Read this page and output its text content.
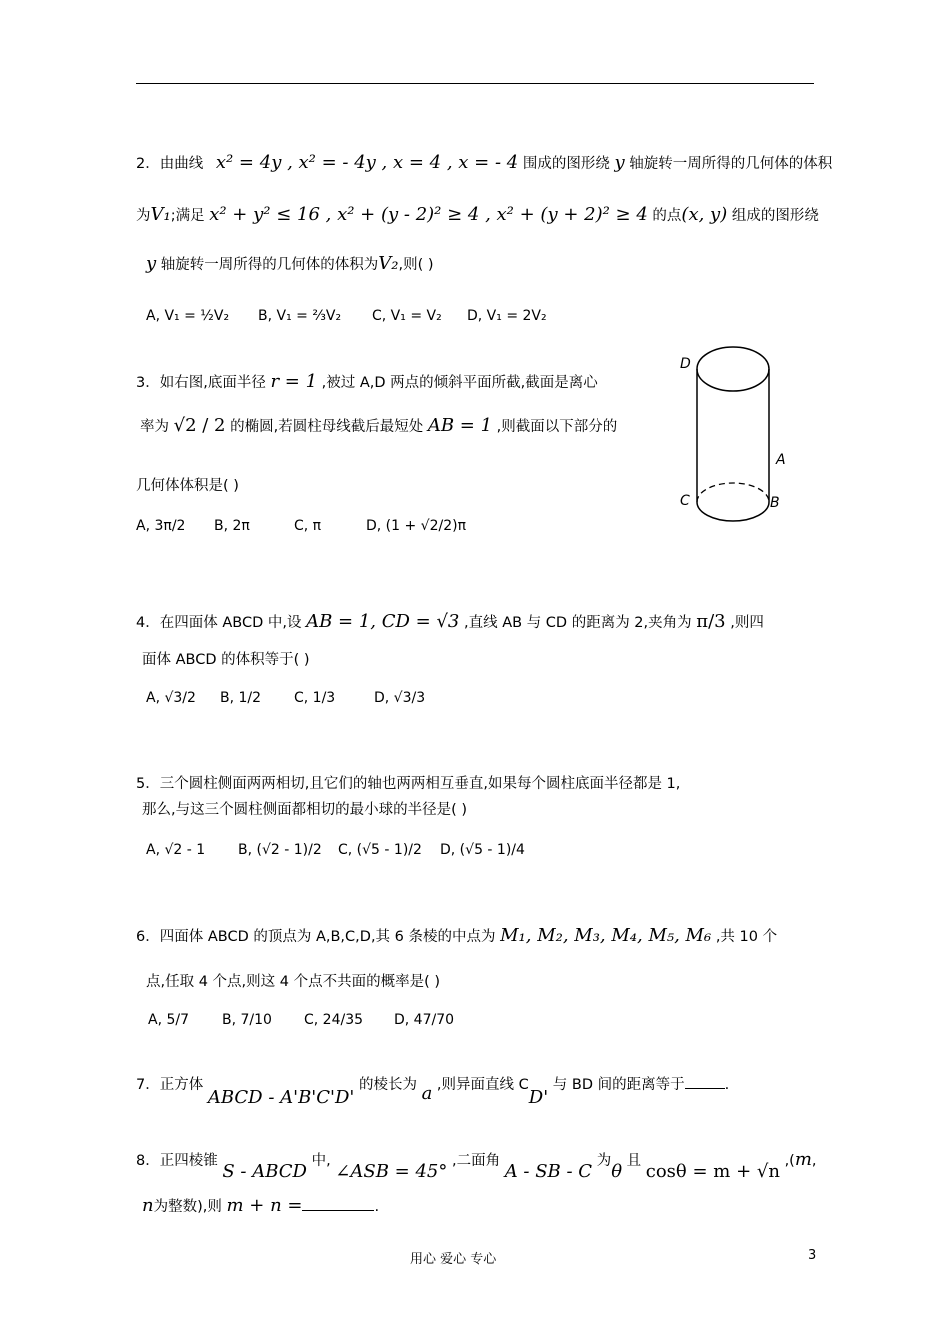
2．由曲线 x² = 4y , x² = - 4y , x = 4 , x = - 4 围成的图形绕 y 轴旋转一周所得的几何体的体积
为V₁;满足 x² + y² ≤ 16 , x² + (y - 2)² ≥ 4 , x² + (y + 2)² ≥ 4 的点(x, y) 组成的图形绕
y 轴旋转一周所得的几何体的体积为V₂,则( )
A, V₁ = ½V₂ B, V₁ = ⅔V₂ C, V₁ = V₂ D, V₁ = 2V₂
3．如右图,底面半径 r = 1 ,被过 A,D 两点的倾斜平面所截,截面是离心
率为 √2 / 2 的椭圆,若圆柱母线截后最短处 AB = 1 ,则截面以下部分的
几何体体积是( )
A, 3π/2 B, 2π	C, π	D, (1 + √2/2)π
D
A
C	B
4．在四面体 ABCD 中,设 AB = 1, CD = √3 ,直线 AB 与 CD 的距离为 2,夹角为 π/3 ,则四
面体 ABCD 的体积等于( )
A, √3/2 B, 1/2 C, 1/3	D, √3/3
5．三个圆柱侧面两两相切,且它们的轴也两两相互垂直,如果每个圆柱底面半径都是 1,
那么,与这三个圆柱侧面都相切的最小球的半径是( )
A, √2 - 1 B, (√2 - 1)/2 C, (√5 - 1)/2 D, (√5 - 1)/4
6．四面体 ABCD 的顶点为 A,B,C,D,其 6 条棱的中点为 M₁, M₂, M₃, M₄, M₅, M₆ ,共 10 个
点,任取 4 个点,则这 4 个点不共面的概率是( )
A, 5/7 B, 7/10 C, 24/35 D, 47/70
7．正方体 ABCD - A'B'C'D' 的棱长为 a ,则异面直线 CD' 与 BD 间的距离等于	.
8．正四棱锥 S - ABCD 中, ∠ASB = 45° ,二面角 A - SB - C 为θ 且 cosθ = m + √n ,(m,
n为整数),则 m + n =	.
用心 爱心 专心	3
